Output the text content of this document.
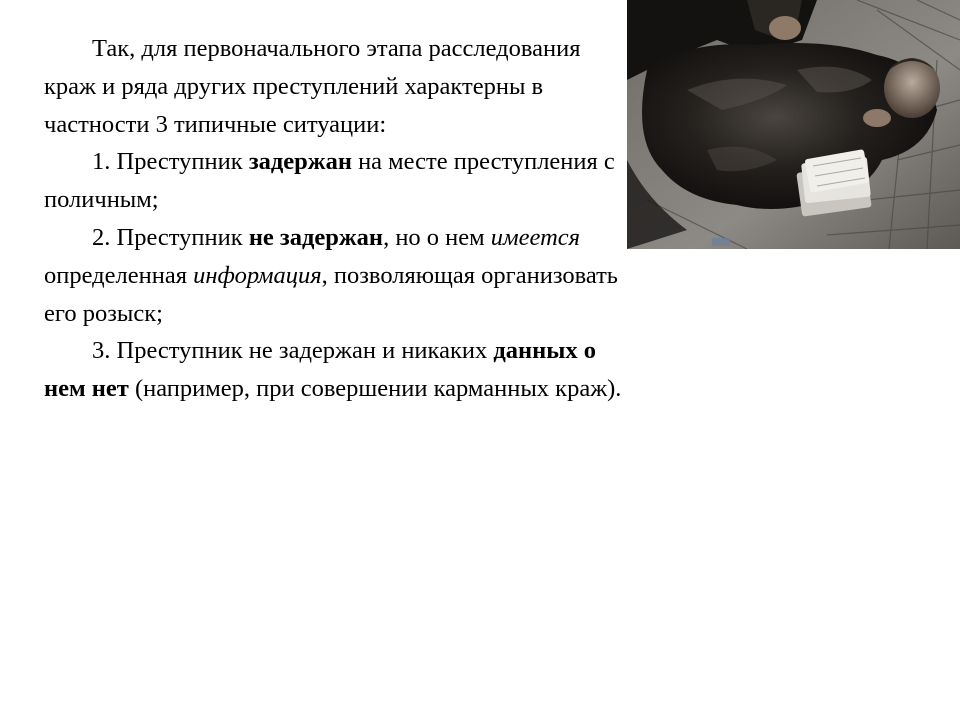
Так, для первоначального этапа расследования краж и ряда других преступлений характерны в частности 3 типичные ситуации:

1. Преступник задержан на месте преступления с поличным;

2. Преступник не задержан, но о нем имеется определенная информация, позволяющая организовать его розыск;

3. Преступник не задержан и никаких данных о нем нет (например, при совершении карманных краж).
